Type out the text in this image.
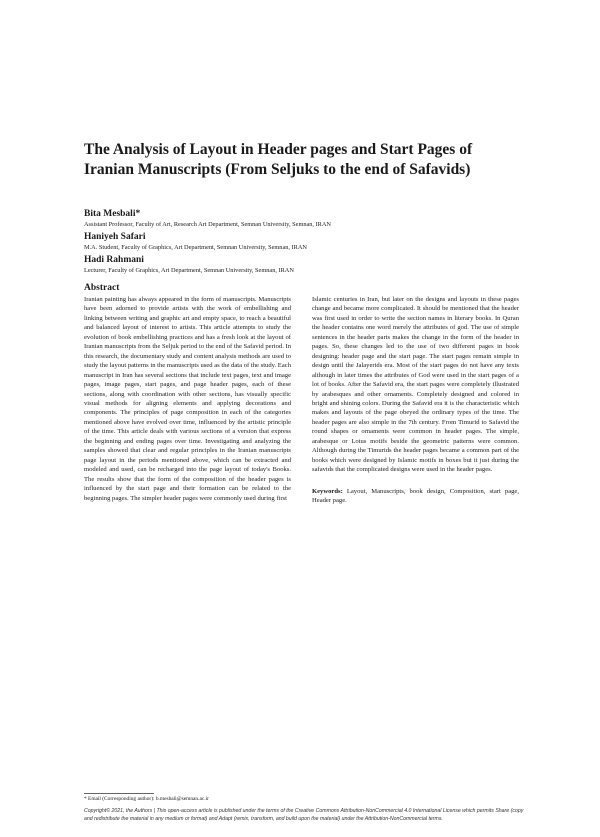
The Analysis of Layout in Header pages and Start Pages of Iranian Manuscripts (From Seljuks to the end of Safavids)

Bita Mesbali*

Assistant Professor, Faculty of Art, Research Art Department, Semnan University, Semnan, IRAN

Haniyeh Safari

M.A. Student, Faculty of Graphics, Art Department, Semnan University, Semnan, IRAN

Hadi Rahmani

Lecturer, Faculty of Graphics, Art Department, Semnan University, Semnan, IRAN

Abstract

Iranian painting has always appeared in the form of manuscripts. Manuscripts have been adorned to provide artists with the work of embellishing and linking between writing and graphic art and empty space, to reach a beautiful and balanced layout of interest to artists. This article attempts to study the evolution of book embellishing practices and has a fresh look at the layout of Iranian manuscripts from the Seljuk period to the end of the Safavid period. In this research, the documentary study and content analysis methods are used to study the layout patterns in the manuscripts used as the data of the study. Each manuscript in Iran has several sections that include text pages, text and image pages, image pages, start pages, and page header pages, each of these sections, along with coordination with other sections, has visually specific visual methods for aligning elements and applying decorations and components. The principles of page composition in each of the categories mentioned above have evolved over time, influenced by the artistic principle of the time. This article deals with various sections of a version that express the beginning and ending pages over time. Investigating and analyzing the samples showed that clear and regular principles in the Iranian manuscripts page layout in the periods mentioned above, which can be extracted and modeled and used, can be recharged into the page layout of today's Books. The results show that the form of the composition of the header pages is influenced by the start page and their formation can be related to the beginning pages. The simpler header pages were commonly used during first

Islamic centuries in Iran, but later on the designs and layouts in these pages change and became more complicated. It should be mentioned that the header was first used in order to write the section names in literary books. In Quran the header contains one word merely the attributes of god. The use of simple sentences in the header parts makes the change in the form of the header in pages. So, these changes led to the use of two different pages in book designing: header page and the start page. The start pages remain simple in design until the Jalayerids era. Most of the start pages do not have any texts although in later times the attributes of God were used in the start pages of a lot of books. After the Safavid era, the start pages were completely illustrated by arabesques and other ornaments. Completely designed and colored in bright and shining colors. During the Safavid era it is the characteristic which makes and layouts of the page obeyed the ordinary types of the time. The header pages are also simple in the 7th century. From Timurid to Safavid the round shapes or ornaments were common in header pages. The simple, arabesque or Lotus motifs beside the geometric patterns were common. Although during the Timurids the header pages became a common part of the books which were designed by Islamic motifs in boxes but it just during the safavids that the complicated designs were used in the header pages.

Keywords: Layout, Manuscripts, book design, Composition, start page, Header page.

* Email (Corresponding author): b.mesbali@semnan.ac.ir

Copyright© 2021, the Authors | This open-access article is published under the terms of the Creative Commons Attribution-NonCommercial 4.0 International License which permits Share (copy and redistribute the material in any medium or format) and Adapt (remix, transform, and build upon the material) under the Attribution-NonCommercial terms.
